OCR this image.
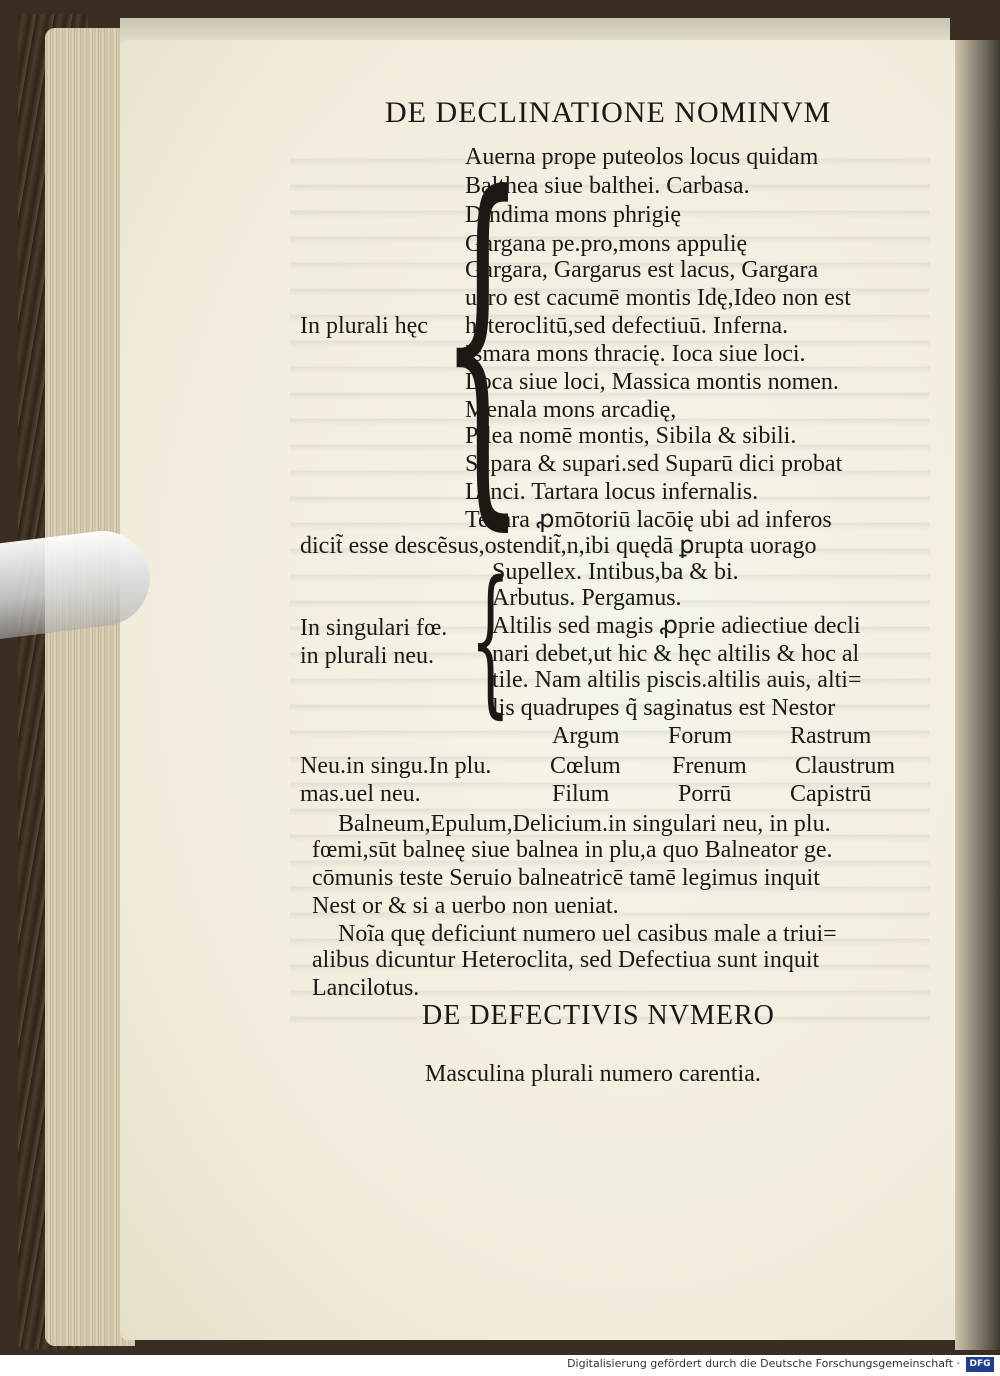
DE DECLINATIONE NOMINVM
{
In plurali hęc
Auerna prope puteolos locus quidam
Balthea siue balthei. Carbasa.
Dindima mons phrigię
Gargana pe.pro,mons appulię
Gargara, Gargarus est lacus, Gargara
uero est cacumē montis Idę,Ideo non est
heteroclitū,sed defectiuū. Inferna.
Ismara mons thracię. Ioca siue loci.
Loca siue loci, Massica montis nomen.
Menala mons arcadię,
Pilea nomē montis, Sibila & sibili.
Supara & supari.sed Suparū dici probat
Lanci. Tartara locus infernalis.
Tenara ꝓmōtoriū lacōię ubi ad inferos
dicit̃ esse descẽsus,ostendit̃,n,ibi quędā ꝑrupta uorago
{
In singulari fœ.
in plurali neu.
Supellex. Intibus,ba & bi.
Arbutus. Pergamus.
Altilis sed magis ꝓprie adiectiue decli
nari debet,ut hic & hęc altilis & hoc al
tile. Nam altilis piscis.altilis auis, alti=
lis quadrupes q̃ saginatus est Nestor
Neu.in singu.In plu.
mas.uel neu.
Argum Forum Rastrum
Cœlum Frenum Claustrum
Filum	Porrū Capistrū
Balneum,Epulum,Delicium.in singulari neu, in plu.
fœmi,sūt balneę siue balnea in plu,a quo Balneator ge.
cōmunis teste Seruio balneatricē tamē legimus inquit
Nest or & si a uerbo non ueniat.
Noĩa quę deficiunt numero uel casibus male a triui=
alibus dicuntur Heteroclita, sed Defectiua sunt inquit
Lancilotus.
DE DEFECTIVIS NVMERO
Masculina plurali numero carentia.
Digitalisierung gefördert durch die Deutsche Forschungsgemeinschaft ·	DFG
